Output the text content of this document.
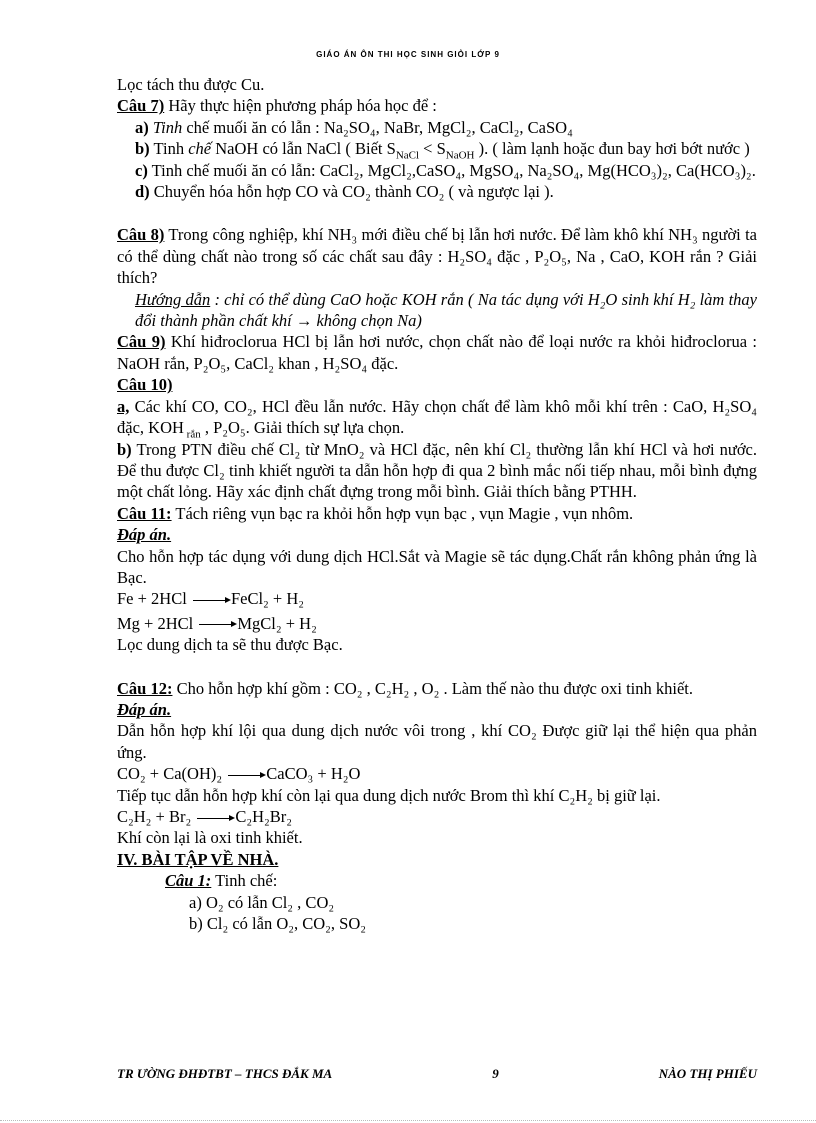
GIÁO ÁN ÔN THI HỌC SINH GIỎI LỚP 9

Lọc tách thu được Cu.

Câu 7) Hãy thực hiện phương pháp hóa học để :

a) Tinh chế muối ăn có lẫn : Na₂SO₄, NaBr, MgCl₂, CaCl₂, CaSO₄

b) Tinh chế NaOH có lẫn NaCl ( Biết $S_{NaCl} < S_{NaOH}$ ). ( làm lạnh hoặc đun bay hơi bớt nước )

c) Tinh chế muối ăn có lẫn: CaCl₂, MgCl₂,CaSO₄, MgSO₄, Na₂SO₄, Mg(HCO₃)₂, Ca(HCO₃)₂.

d) Chuyển hóa hỗn hợp CO và CO₂ thành CO₂ ( và ngược lại ).

Câu 8) Trong công nghiệp, khí NH₃ mới điều chế bị lẫn hơi nước. Để làm khô khí NH₃ người ta có thể dùng chất nào trong số các chất sau đây : H₂SO₄ đặc , P₂O₅, Na , CaO, KOH rắn ? Giải thích?

Hướng dẫn : chỉ có thể dùng CaO hoặc KOH rắn ( Na tác dụng với H₂O sinh khí H₂ làm thay đổi thành phần chất khí → không chọn Na)

Câu 9) Khí hiđroclorua HCl bị lẫn hơi nước, chọn chất nào để loại nước ra khỏi hiđroclorua : NaOH rắn, P₂O₅, CaCl₂ khan , H₂SO₄ đặc.

Câu 10)

a, Các khí CO, CO₂, HCl đều lẫn nước. Hãy chọn chất để làm khô mỗi khí trên : CaO, H₂SO₄ đặc, KOH $_{rắn}$ , P₂O₅. Giải thích sự lựa chọn.

b) Trong PTN điều chế Cl₂ từ MnO₂ và HCl đặc, nên khí Cl₂ thường lẫn khí HCl và hơi nước. Để thu được Cl₂ tinh khiết người ta dẫn hỗn hợp đi qua 2 bình mắc nối tiếp nhau, mỗi bình đựng một chất lỏng. Hãy xác định chất đựng trong mỗi bình. Giải thích bằng PTHH.

Câu 11: Tách riêng vụn bạc ra khỏi hỗn hợp vụn bạc , vụn Magie , vụn nhôm.

Đáp án.

Cho hỗn hợp tác dụng với dung dịch HCl.Sắt và Magie sẽ tác dụng.Chất rắn không phản ứng là Bạc.

Fe + 2HCl	FeCl₂ + H₂

Mg + 2HCl	MgCl₂ + H₂

Lọc dung dịch ta sẽ thu được Bạc.

Câu 12: Cho hỗn hợp khí gồm : CO₂ , C₂H₂ , O₂ . Làm thế nào thu được oxi tinh khiết.

Đáp án.

Dẫn hỗn hợp khí lội qua dung dịch nước vôi trong , khí CO₂ Được giữ lại thể hiện qua phản ứng.

CO₂ + Ca(OH)₂	CaCO₃ + H₂O

Tiếp tục dẫn hỗn hợp khí còn lại qua dung dịch nước Brom thì khí C₂H₂ bị giữ lại.

C₂H₂ + Br₂	C₂H₂Br₂

Khí còn lại là oxi tinh khiết.

IV. BÀI TẬP VỀ NHÀ.

Câu 1: Tinh chế:

a) O₂ có lẫn Cl₂ , CO₂

b) Cl₂ có lẫn O₂, CO₂, SO₂

TR ƯỜNG ĐHĐTBT – THCS ĐẮK MA	9	NÀO THỊ PHIẾU
